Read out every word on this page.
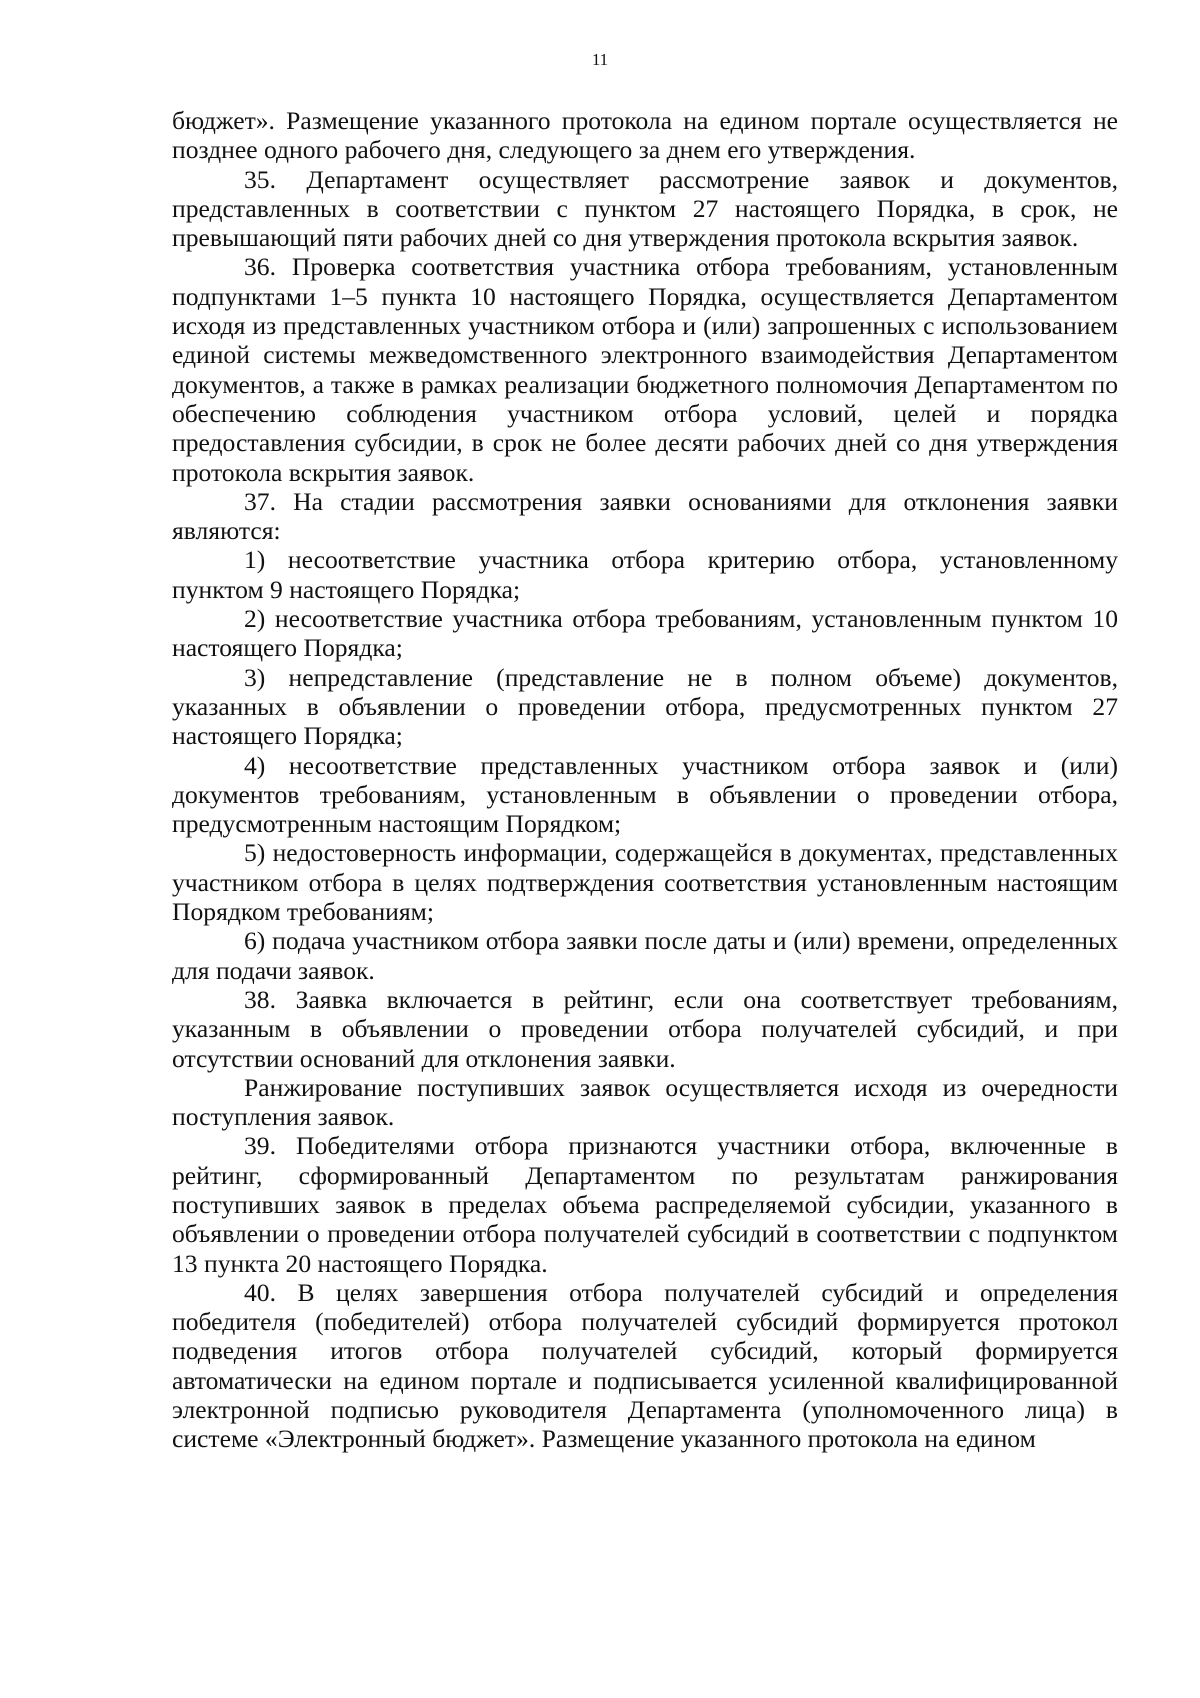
11

бюджет». Размещение указанного протокола на едином портале осуществляется не позднее одного рабочего дня, следующего за днем его утверждения.

35. Департамент осуществляет рассмотрение заявок и документов, представленных в соответствии с пунктом 27 настоящего Порядка, в срок, не превышающий пяти рабочих дней со дня утверждения протокола вскрытия заявок.

36. Проверка соответствия участника отбора требованиям, установленным подпунктами 1–5 пункта 10 настоящего Порядка, осуществляется Департаментом исходя из представленных участником отбора и (или) запрошенных с использованием единой системы межведомственного электронного взаимодействия Департаментом документов, а также в рамках реализации бюджетного полномочия Департаментом по обеспечению соблюдения участником отбора условий, целей и порядка предоставления субсидии, в срок не более десяти рабочих дней со дня утверждения протокола вскрытия заявок.

37. На стадии рассмотрения заявки основаниями для отклонения заявки являются:

1) несоответствие участника отбора критерию отбора, установленному пунктом 9 настоящего Порядка;

2) несоответствие участника отбора требованиям, установленным пунктом 10 настоящего Порядка;

3) непредставление (представление не в полном объеме) документов, указанных в объявлении о проведении отбора, предусмотренных пунктом 27 настоящего Порядка;

4) несоответствие представленных участником отбора заявок и (или) документов требованиям, установленным в объявлении о проведении отбора, предусмотренным настоящим Порядком;

5) недостоверность информации, содержащейся в документах, представленных участником отбора в целях подтверждения соответствия установленным настоящим Порядком требованиям;

6) подача участником отбора заявки после даты и (или) времени, определенных для подачи заявок.

38. Заявка включается в рейтинг, если она соответствует требованиям, указанным в объявлении о проведении отбора получателей субсидий, и при отсутствии оснований для отклонения заявки.

Ранжирование поступивших заявок осуществляется исходя из очередности поступления заявок.

39. Победителями отбора признаются участники отбора, включенные в рейтинг, сформированный Департаментом по результатам ранжирования поступивших заявок в пределах объема распределяемой субсидии, указанного в объявлении о проведении отбора получателей субсидий в соответствии с подпунктом 13 пункта 20 настоящего Порядка.

40. В целях завершения отбора получателей субсидий и определения победителя (победителей) отбора получателей субсидий формируется протокол подведения итогов отбора получателей субсидий, который формируется автоматически на едином портале и подписывается усиленной квалифицированной электронной подписью руководителя Департамента (уполномоченного лица) в системе «Электронный бюджет». Размещение указанного протокола на едином
